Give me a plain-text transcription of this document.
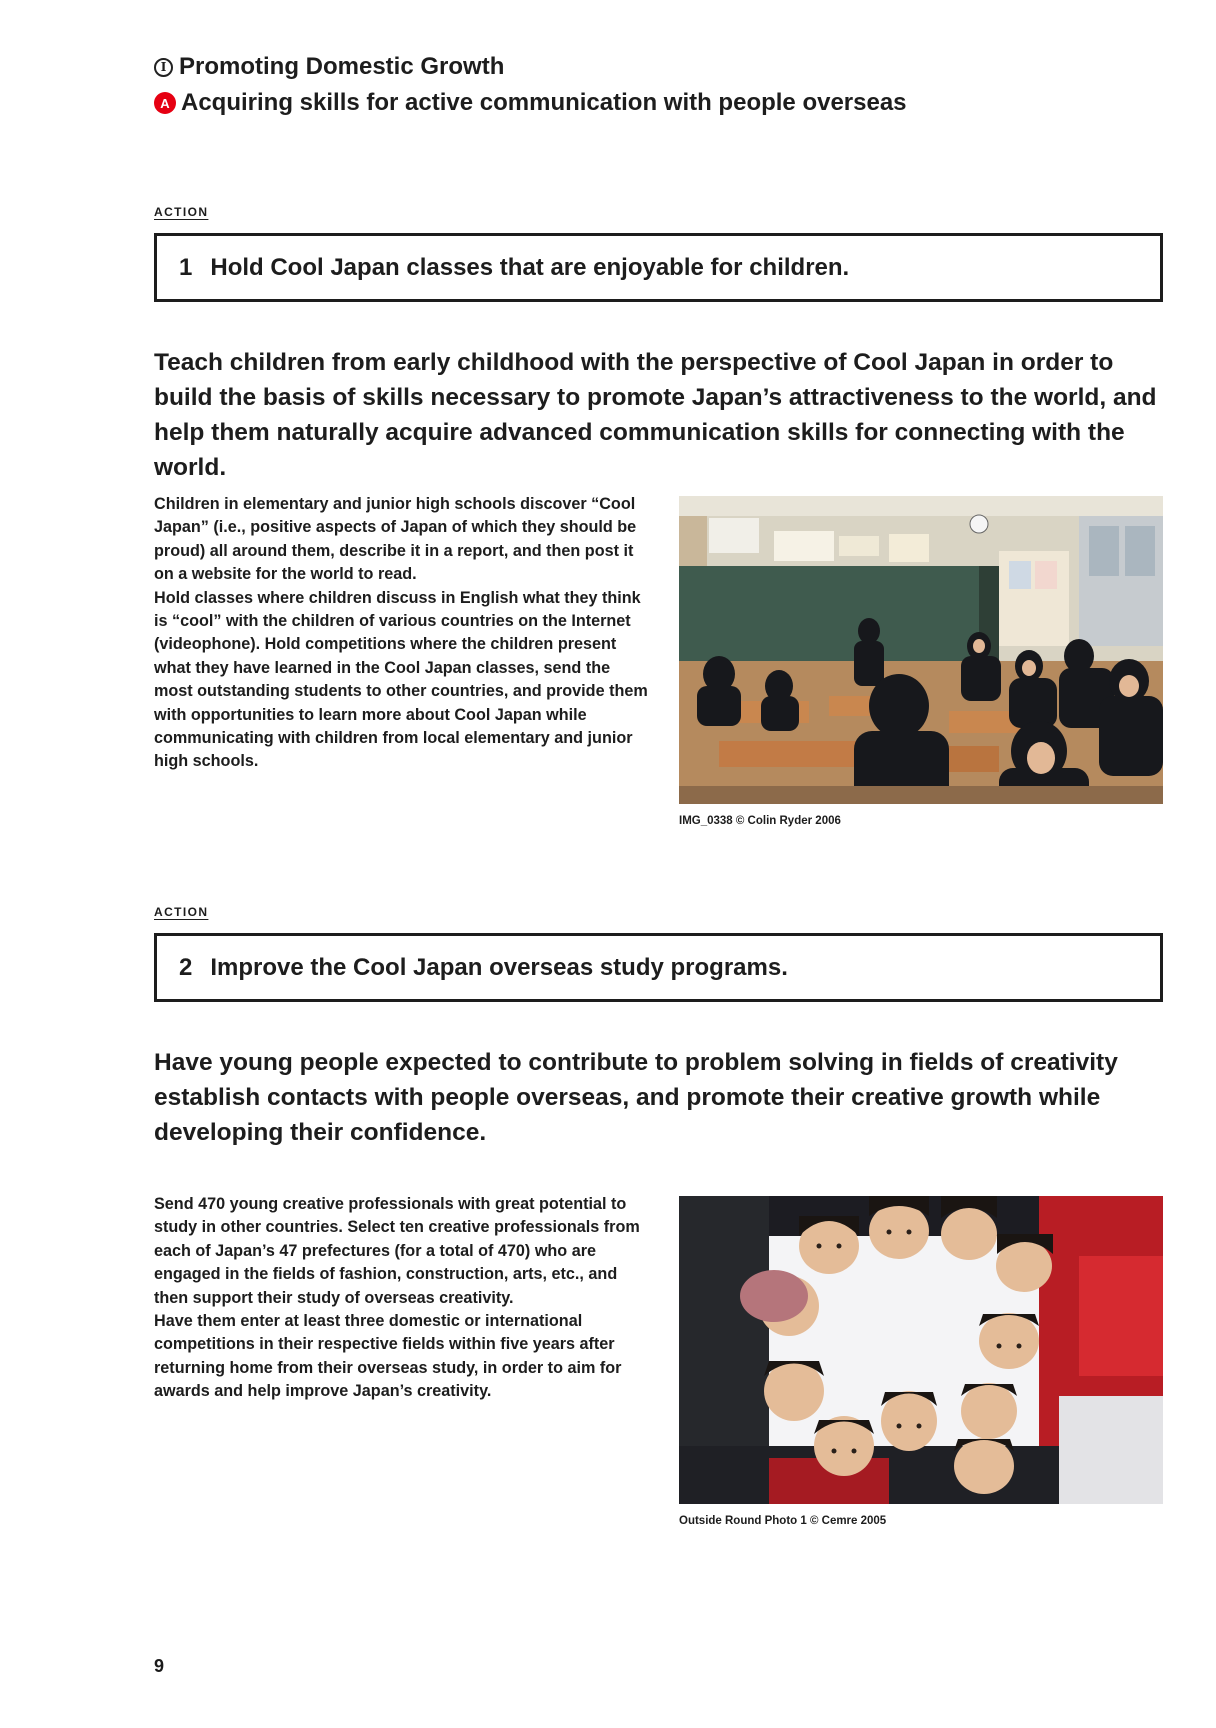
I Promoting Domestic Growth
A Acquiring skills for active communication with people overseas
ACTION
1 Hold Cool Japan classes that are enjoyable for children.
Teach children from early childhood with the perspective of Cool Japan in order to build the basis of skills necessary to promote Japan’s attractiveness to the world, and help them naturally acquire advanced communication skills for connecting with the world.

Children in elementary and junior high schools discover “Cool Japan” (i.e., positive aspects of Japan of which they should be proud) all around them, describe it in a report, and then post it on a website for the world to read.

Hold classes where children discuss in English what they think is “cool” with the children of various countries on the Internet (videophone). Hold competitions where the children present what they have learned in the Cool Japan classes, send the most outstanding students to other countries, and provide them with opportunities to learn more about Cool Japan while communicating with children from local elementary and junior high schools.

IMG_0338 © Colin Ryder 2006
ACTION
2 Improve the Cool Japan overseas study programs.
Have young people expected to contribute to problem solving in fields of creativity establish contacts with people overseas, and promote their creative growth while developing their confidence.

Send 470 young creative professionals with great potential to study in other countries. Select ten creative professionals from each of Japan’s 47 prefectures (for a total of 470) who are engaged in the fields of fashion, construction, arts, etc., and then support their study of overseas creativity.

Have them enter at least three domestic or international competitions in their respective fields within five years after returning home from their overseas study, in order to aim for awards and help improve Japan’s creativity.

Outside Round Photo 1 © Cemre 2005
9
